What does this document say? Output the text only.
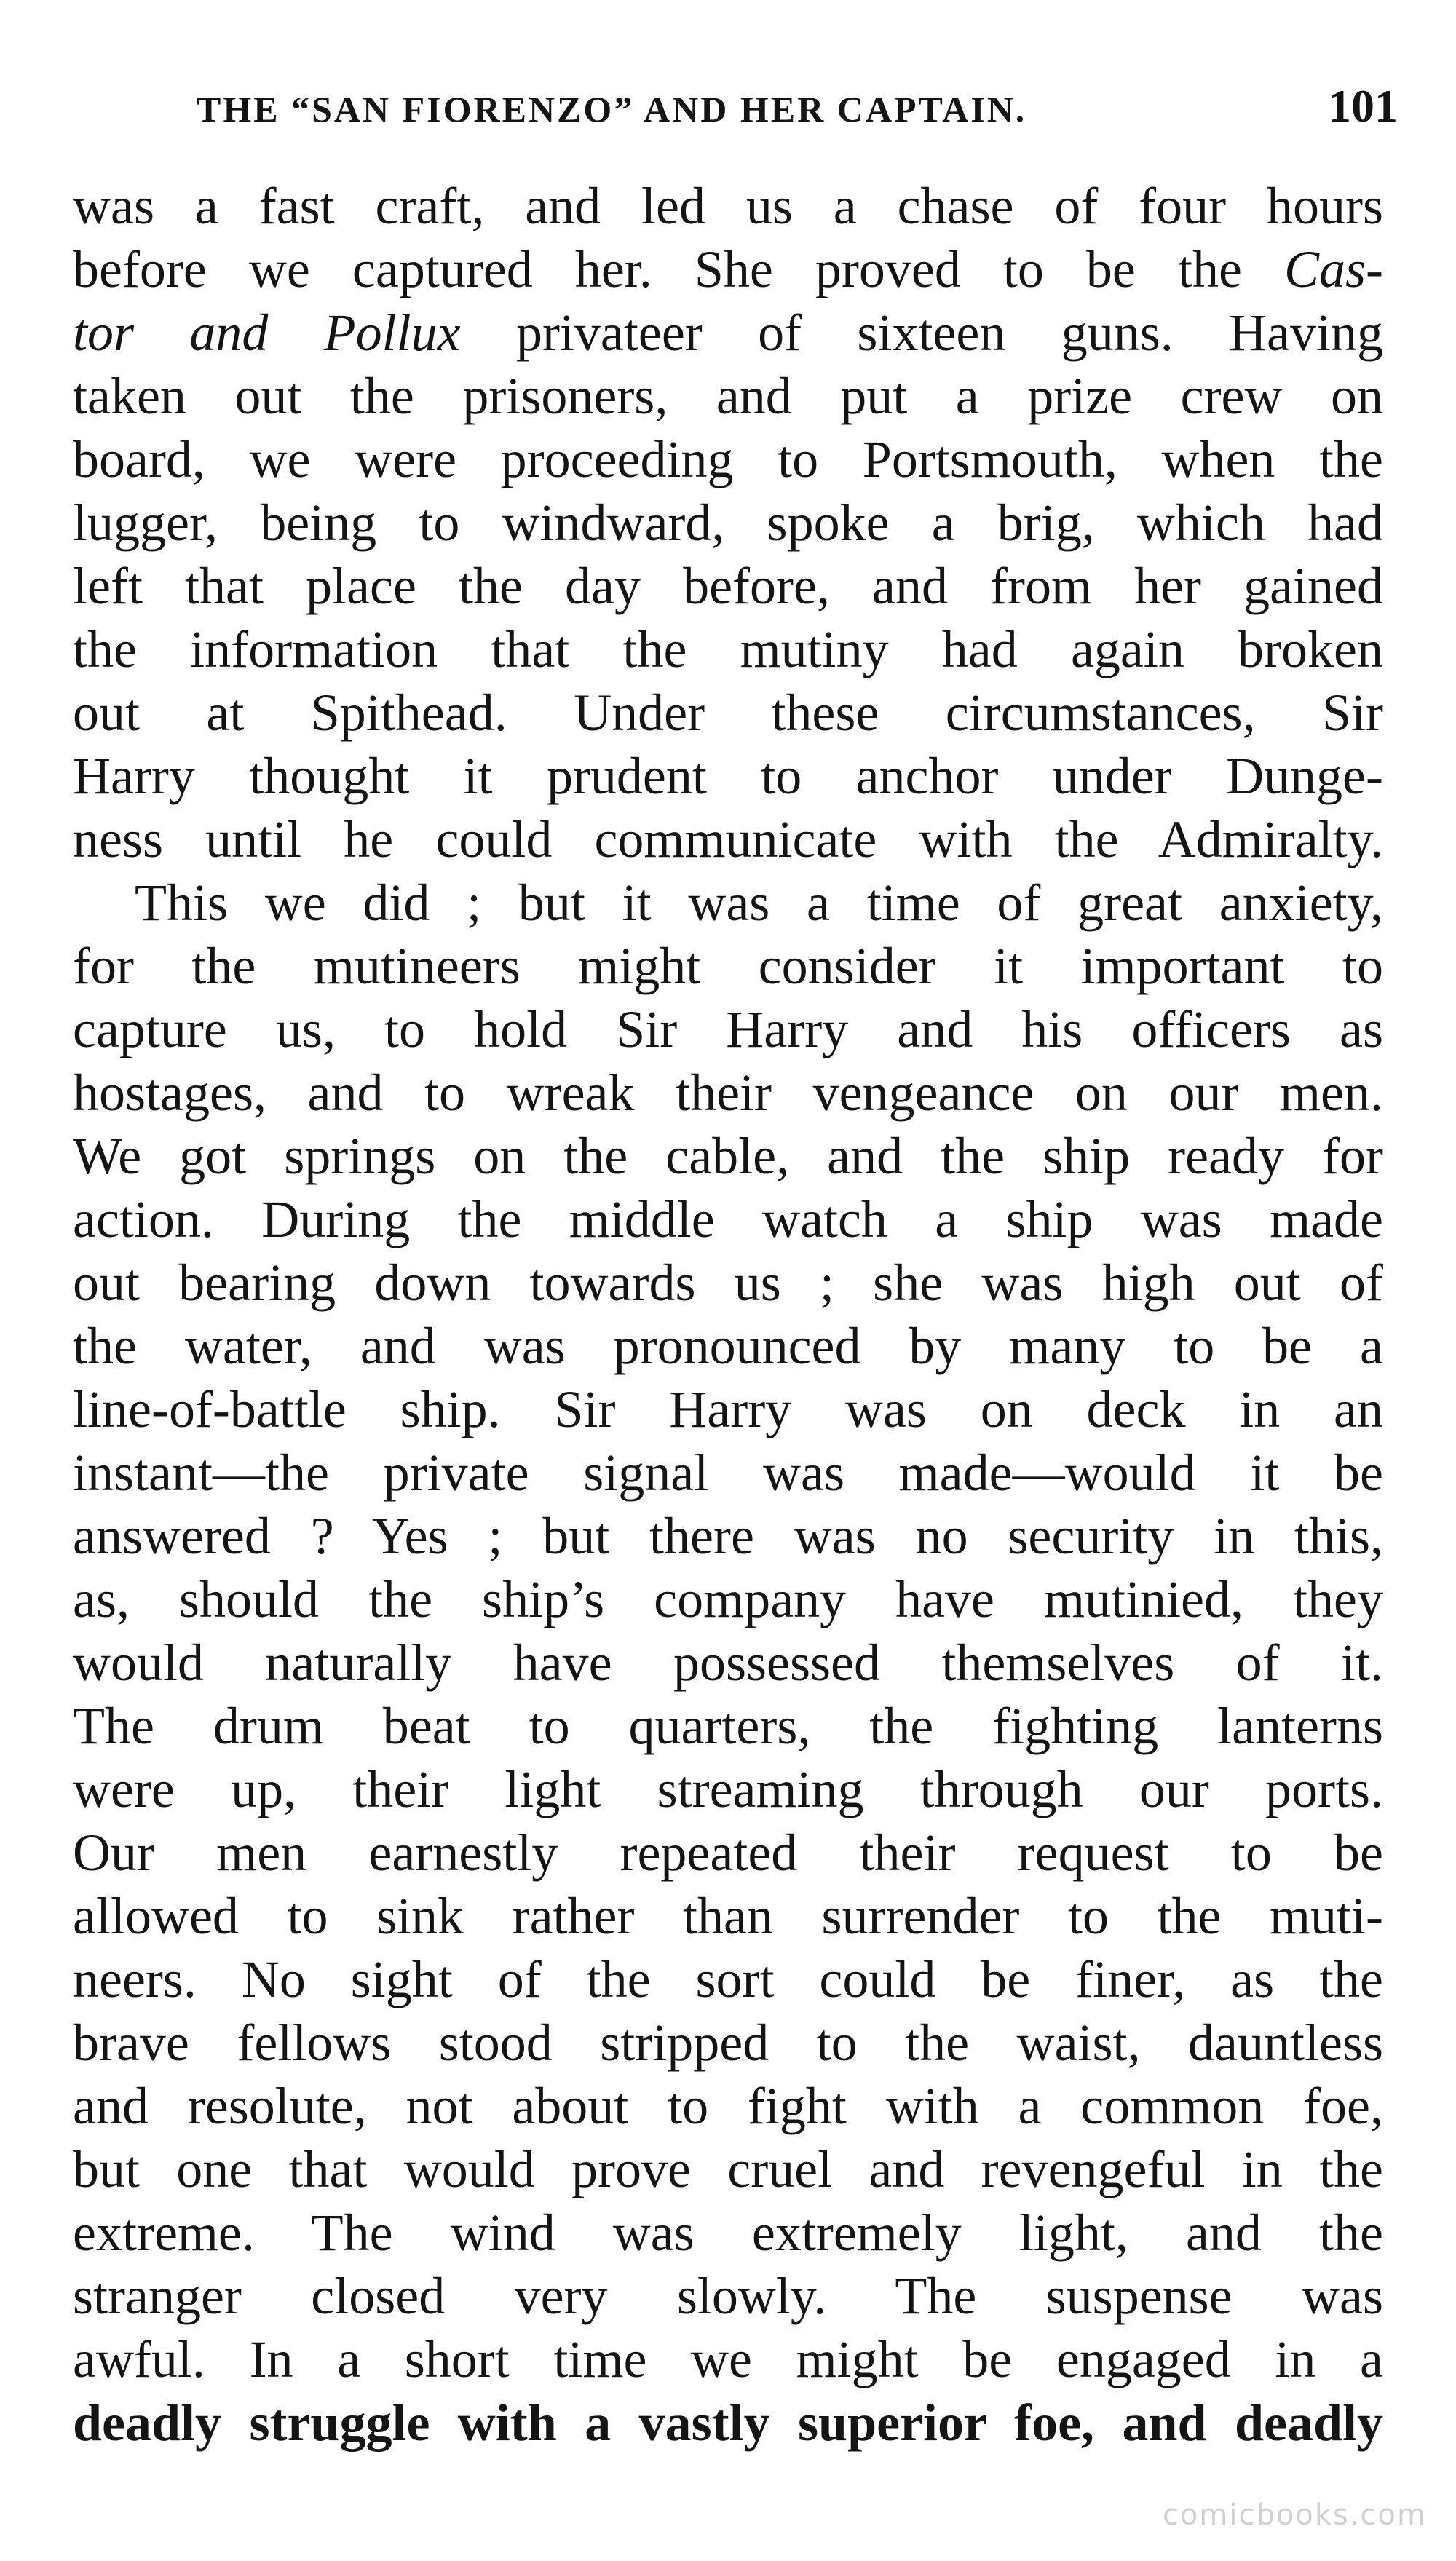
THE “SAN FIORENZO” AND HER CAPTAIN.	101
was a fast craft, and led us a chase of four hours
before we captured her. She proved to be the Cas-
tor and Pollux privateer of sixteen guns. Having
taken out the prisoners, and put a prize crew on
board, we were proceeding to Portsmouth, when the
lugger, being to windward, spoke a brig, which had
left that place the day before, and from her gained
the information that the mutiny had again broken
out at Spithead. Under these circumstances, Sir
Harry thought it prudent to anchor under Dunge-
ness until he could communicate with the Admiralty.
This we did ; but it was a time of great anxiety,
for the mutineers might consider it important to
capture us, to hold Sir Harry and his officers as
hostages, and to wreak their vengeance on our men.
We got springs on the cable, and the ship ready for
action. During the middle watch a ship was made
out bearing down towards us ; she was high out of
the water, and was pronounced by many to be a
line-of-battle ship. Sir Harry was on deck in an
instant—the private signal was made—would it be
answered ? Yes ; but there was no security in this,
as, should the ship’s company have mutinied, they
would naturally have possessed themselves of it.
The drum beat to quarters, the fighting lanterns
were up, their light streaming through our ports.
Our men earnestly repeated their request to be
allowed to sink rather than surrender to the muti-
neers. No sight of the sort could be finer, as the
brave fellows stood stripped to the waist, dauntless
and resolute, not about to fight with a common foe,
but one that would prove cruel and revengeful in the
extreme. The wind was extremely light, and the
stranger closed very slowly. The suspense was
awful. In a short time we might be engaged in a
deadly struggle with a vastly superior foe, and deadly
comicbooks.com
